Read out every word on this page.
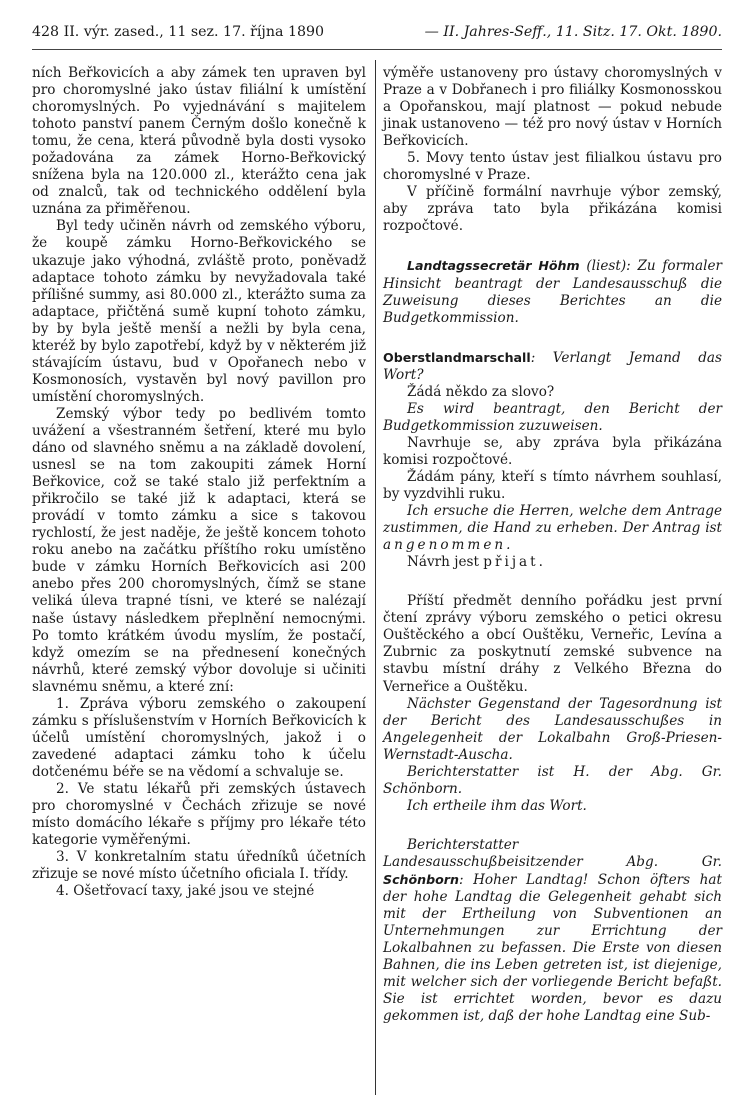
428 II. výr. zased., 11 sez. 17. října 1890	— II. Jahres-Seff., 11. Sitz. 17. Okt. 1890.

ních Beřkovicích a aby zámek ten upraven byl pro choromyslné jako ústav filiální k umístění choromyslných. Po vyjednávání s majitelem tohoto panství panem Černým došlo konečně k tomu, že cena, která původně byla dosti vysoko požadována za zámek Horno-Beřkovický snížena byla na 120.000 zl., kterážto cena jak od znalců, tak od technického oddělení byla uznána za přiměřenou.

Byl tedy učiněn návrh od zemského výboru, že koupě zámku Horno-Beřkovického se ukazuje jako výhodná, zvláště proto, poněvadž adaptace tohoto zámku by nevyžadovala také přílišné summy, asi 80.000 zl., kterážto suma za adaptace, přičtěná sumě kupní tohoto zámku, by by byla ještě menší a nežli by byla cena, kteréž by bylo zapotřebí, když by v některém již stávajícím ústavu, bud v Opořanech nebo v Kosmonosích, vystavěn byl nový pavillon pro umístění choromyslných.

Zemský výbor tedy po bedlivém tomto uvážení a všestranném šetření, které mu bylo dáno od slavného sněmu a na základě dovolení, usnesl se na tom zakoupiti zámek Horní Beřkovice, což se také stalo již perfektním a přikročilo se také již k adaptaci, která se provádí v tomto zámku a sice s takovou rychlostí, že jest naděje, že ještě koncem tohoto roku anebo na začátku příštího roku umístěno bude v zámku Horních Beřkovicích asi 200 anebo přes 200 choromyslných, čímž se stane veliká úleva trapné tísni, ve které se nalézají naše ústavy následkem přeplnění nemocnými. Po tomto krátkém úvodu myslím, že postačí, když omezím se na přednesení konečných návrhů, které zemský výbor dovoluje si učiniti slavnému sněmu, a které zní:

1. Zpráva výboru zemského o zakoupení zámku s příslušenstvím v Horních Beřkovicích k účelů umístění choromyslných, jakož i o zavedené adaptaci zámku toho k účelu dotčenému béře se na vědomí a schvaluje se.

2. Ve statu lékařů při zemských ústavech pro choromyslné v Čechách zřizuje se nové místo domácího lékaře s příjmy pro lékaře této kategorie vyměřenými.

3. V konkretalním statu úředníků účetních zřizuje se nové místo účetního oficiala I. třídy.

4. Ošetřovací taxy, jaké jsou ve stejné

výměře ustanoveny pro ústavy choromyslných v Praze a v Dobřanech i pro filiálky Kosmonosskou a Opořanskou, mají platnost — pokud nebude jinak ustanoveno — též pro nový ústav v Horních Beřkovicích.

5. Movy tento ústav jest filialkou ústavu pro choromyslné v Praze.

V příčině formální navrhuje výbor zemský, aby zpráva tato byla přikázána komisi rozpočtové.

Landtagssecretär Höhm (liest): Zu formaler Hinsicht beantragt der Landesausschuß die Zuweisung dieses Berichtes an die Budgetkommission.

Oberstlandmarschall: Verlangt Jemand das Wort?

Žádá někdo za slovo?

Es wird beantragt, den Bericht der Budgetkommission zuzuweisen.

Navrhuje se, aby zpráva byla přikázána komisi rozpočtové.

Žádám pány, kteří s tímto návrhem souhlasí, by vyzdvihli ruku.

Ich ersuche die Herren, welche dem Antrage zustimmen, die Hand zu erheben. Der Antrag ist angenommen.

Návrh jest přijat.

Příští předmět denního pořádku jest první čtení zprávy výboru zemského o petici okresu Ouštěckého a obcí Ouštěku, Verneřic, Levína a Zubrnic za poskytnutí zemské subvence na stavbu místní dráhy z Velkého Března do Verneřice a Ouštěku.

Nächster Gegenstand der Tagesordnung ist der Bericht des Landesausschußes in Angelegenheit der Lokalbahn Groß-Priesen-Wernstadt-Auscha.

Berichterstatter ist H. der Abg. Gr. Schönborn.

Ich ertheile ihm das Wort.

Berichterstatter Landesausschußbeisitzender Abg. Gr. Schönborn: Hoher Landtag! Schon öfters hat der hohe Landtag die Gelegenheit gehabt sich mit der Ertheilung von Subventionen an Unternehmungen zur Errichtung der Lokalbahnen zu befassen. Die Erste von diesen Bahnen, die ins Leben getreten ist, ist diejenige, mit welcher sich der vorliegende Bericht befaßt. Sie ist errichtet worden, bevor es dazu gekommen ist, daß der hohe Landtag eine Sub-
